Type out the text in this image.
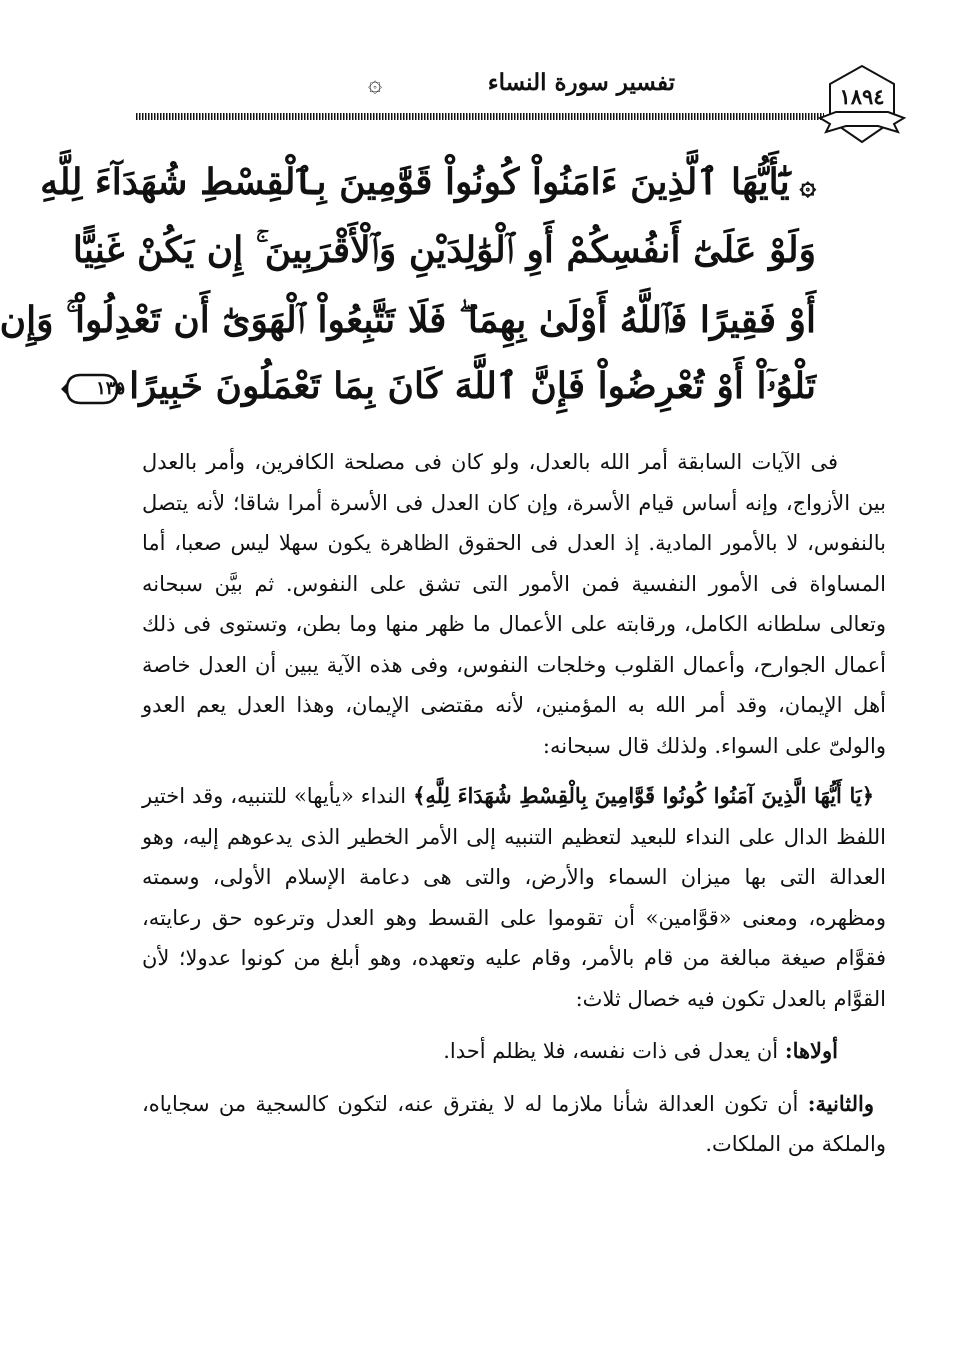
تفسير سورة النساء
۞	١٨٩٤
۞يَٰٓأَيُّهَا ٱلَّذِينَ ءَامَنُواْ كُونُواْ قَوَّٰمِينَ بِٱلْقِسْطِ شُهَدَآءَ لِلَّهِ
وَلَوْ عَلَىٰٓ أَنفُسِكُمْ أَوِ ٱلْوَٰلِدَيْنِ وَٱلْأَقْرَبِينَ ۚ إِن يَكُنْ غَنِيًّا
أَوْ فَقِيرًا فَٱللَّهُ أَوْلَىٰ بِهِمَا ۖ فَلَا تَتَّبِعُواْ ٱلْهَوَىٰٓ أَن تَعْدِلُواْ ۚ وَإِن
تَلْوُۥٓاْ أَوْ تُعْرِضُواْ فَإِنَّ ٱللَّهَ كَانَ بِمَا تَعْمَلُونَ خَبِيرًا
١٣٥

فى الآيات السابقة أمر الله بالعدل، ولو كان فى مصلحة الكافرين، وأمر بالعدل بين الأزواج، وإنه أساس قيام الأسرة، وإن كان العدل فى الأسرة أمرا شاقا؛ لأنه يتصل بالنفوس، لا بالأمور المادية. إذ العدل فى الحقوق الظاهرة يكون سهلا ليس صعبا، أما المساواة فى الأمور النفسية فمن الأمور التى تشق على النفوس. ثم بيَّن سبحانه وتعالى سلطانه الكامل، ورقابته على الأعمال ما ظهر منها وما بطن، وتستوى فى ذلك أعمال الجوارح، وأعمال القلوب وخلجات النفوس، وفى هذه الآية يبين أن العدل خاصة أهل الإيمان، وقد أمر الله به المؤمنين، لأنه مقتضى الإيمان، وهذا العدل يعم العدو والولىّ على السواء. ولذلك قال سبحانه:

﴿يَا أَيُّهَا الَّذِينَ آمَنُوا كُونُوا قَوَّامِينَ بِالْقِسْطِ شُهَدَاءَ لِلَّهِ﴾ النداء «يأيها» للتنبيه، وقد اختير اللفظ الدال على النداء للبعيد لتعظيم التنبيه إلى الأمر الخطير الذى يدعوهم إليه، وهو العدالة التى بها ميزان السماء والأرض، والتى هى دعامة الإسلام الأولى، وسمته ومظهره، ومعنى «قوَّامين» أن تقوموا على القسط وهو العدل وترعوه حق رعايته، فقوَّام صيغة مبالغة من قام بالأمر، وقام عليه وتعهده، وهو أبلغ من كونوا عدولا؛ لأن القوَّام بالعدل تكون فيه خصال ثلاث:

أولاها: أن يعدل فى ذات نفسه، فلا يظلم أحدا.

والثانية: أن تكون العدالة شأنا ملازما له لا يفترق عنه، لتكون كالسجية من سجاياه، والملكة من الملكات.
